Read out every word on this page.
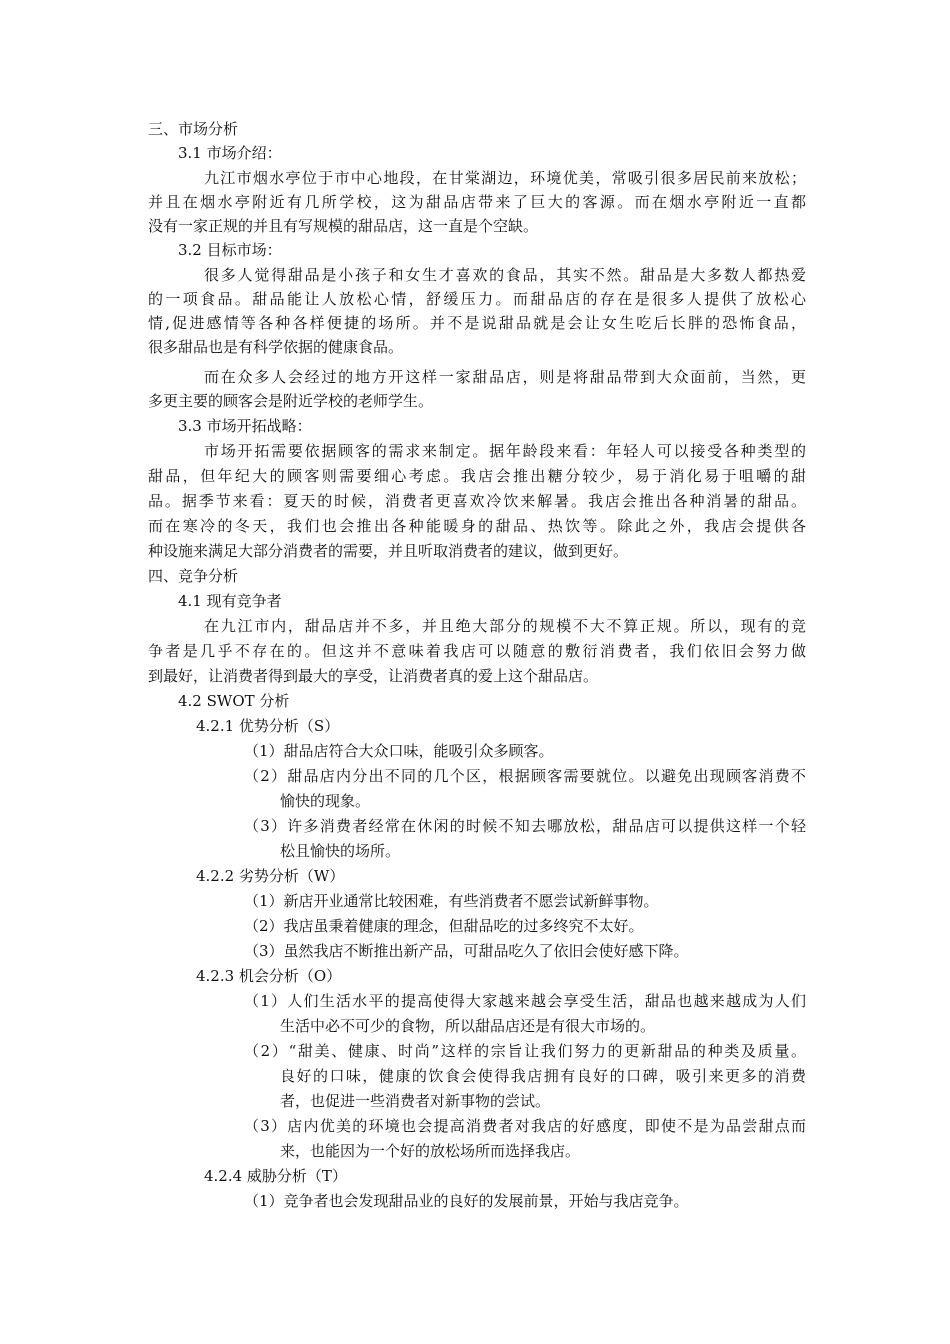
三、市场分析

3.1 市场介绍：

九江市烟水亭位于市中心地段，在甘棠湖边，环境优美，常吸引很多居民前来放松；

并且在烟水亭附近有几所学校，这为甜品店带来了巨大的客源。而在烟水亭附近一直都

没有一家正规的并且有写规模的甜品店，这一直是个空缺。

3.2 目标市场：

很多人觉得甜品是小孩子和女生才喜欢的食品，其实不然。甜品是大多数人都热爱

的一项食品。甜品能让人放松心情，舒缓压力。而甜品店的存在是很多人提供了放松心

情,促进感情等各种各样便捷的场所。并不是说甜品就是会让女生吃后长胖的恐怖食品，

很多甜品也是有科学依据的健康食品。

而在众多人会经过的地方开这样一家甜品店，则是将甜品带到大众面前，当然，更

多更主要的顾客会是附近学校的老师学生。

3.3 市场开拓战略：

市场开拓需要依据顾客的需求来制定。据年龄段来看：年轻人可以接受各种类型的

甜品，但年纪大的顾客则需要细心考虑。我店会推出糖分较少，易于消化易于咀嚼的甜

品。据季节来看：夏天的时候，消费者更喜欢冷饮来解暑。我店会推出各种消暑的甜品。

而在寒冷的冬天，我们也会推出各种能暖身的甜品、热饮等。除此之外，我店会提供各

种设施来满足大部分消费者的需要，并且听取消费者的建议，做到更好。

四、竞争分析

4.1 现有竞争者

在九江市内，甜品店并不多，并且绝大部分的规模不大不算正规。所以，现有的竞

争者是几乎不存在的。但这并不意味着我店可以随意的敷衍消费者，我们依旧会努力做

到最好，让消费者得到最大的享受，让消费者真的爱上这个甜品店。

4.2 SWOT 分析

4.2.1 优势分析（S）

（1）甜品店符合大众口味，能吸引众多顾客。

（2）甜品店内分出不同的几个区，根据顾客需要就位。以避免出现顾客消费不

愉快的现象。

（3）许多消费者经常在休闲的时候不知去哪放松，甜品店可以提供这样一个轻

松且愉快的场所。

4.2.2 劣势分析（W）

（1）新店开业通常比较困难，有些消费者不愿尝试新鲜事物。

（2）我店虽秉着健康的理念，但甜品吃的过多终究不太好。

（3）虽然我店不断推出新产品，可甜品吃久了依旧会使好感下降。

4.2.3 机会分析（O）

（1）人们生活水平的提高使得大家越来越会享受生活，甜品也越来越成为人们

生活中必不可少的食物，所以甜品店还是有很大市场的。

（2）“甜美、健康、时尚”这样的宗旨让我们努力的更新甜品的种类及质量。

良好的口味，健康的饮食会使得我店拥有良好的口碑，吸引来更多的消费

者，也促进一些消费者对新事物的尝试。

（3）店内优美的环境也会提高消费者对我店的好感度，即使不是为品尝甜点而

来，也能因为一个好的放松场所而选择我店。

4.2.4 威胁分析（T）

（1）竞争者也会发现甜品业的良好的发展前景，开始与我店竞争。
